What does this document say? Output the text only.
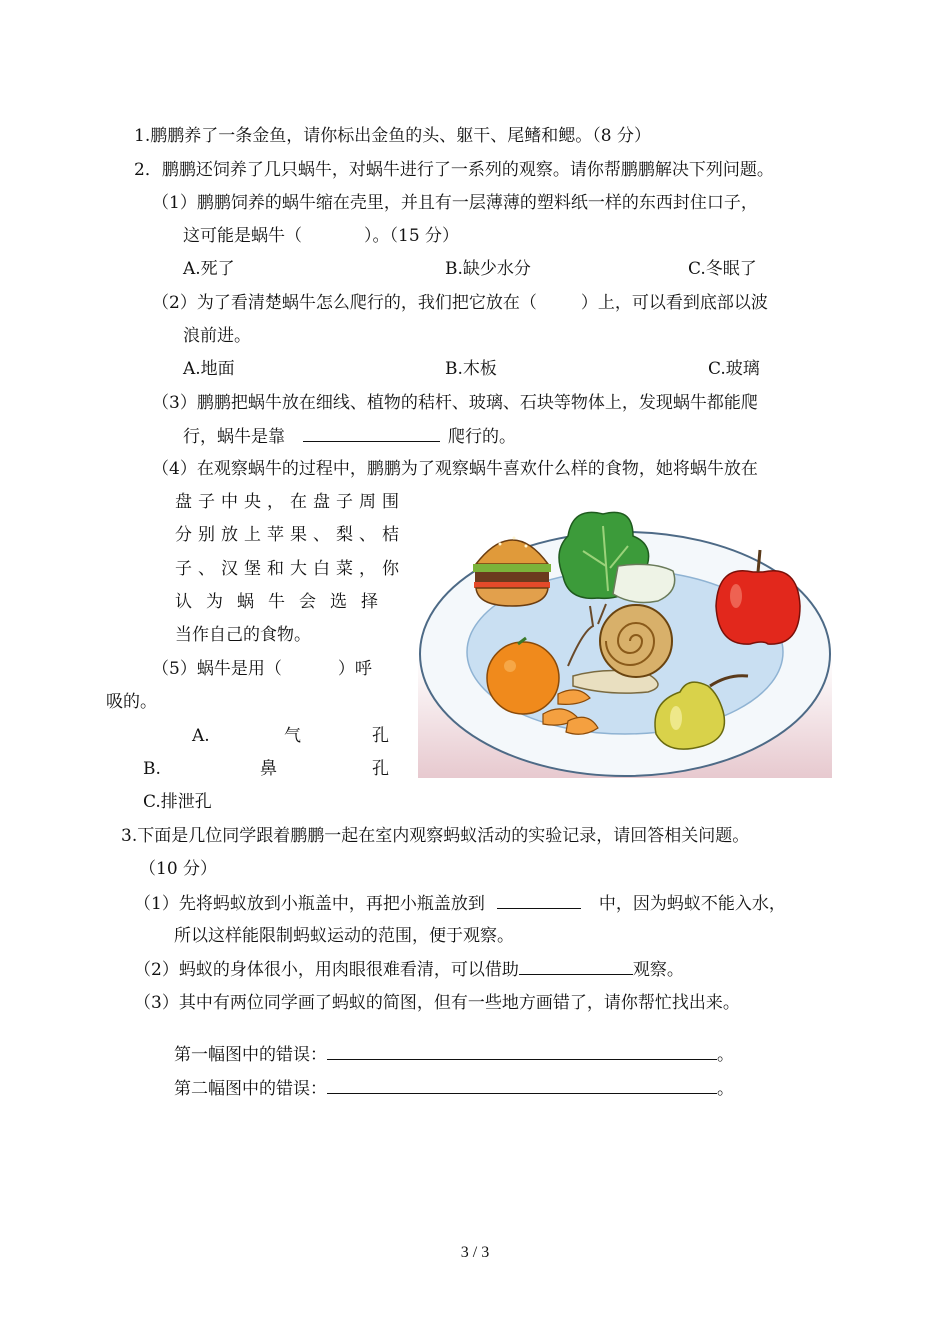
1.鹏鹏养了一条金鱼，请你标出金鱼的头、躯干、尾鳍和鳃。（8 分）
2．鹏鹏还饲养了几只蜗牛，对蜗牛进行了一系列的观察。请你帮鹏鹏解决下列问题。
（1）鹏鹏饲养的蜗牛缩在壳里，并且有一层薄薄的塑料纸一样的东西封住口子，
这可能是蜗牛（	）。（15 分）
A.死了	B.缺少水分	C.冬眠了
（2）为了看清楚蜗牛怎么爬行的，我们把它放在（	）上，可以看到底部以波
浪前进。
A.地面	B.木板	C.玻璃
（3）鹏鹏把蜗牛放在细线、植物的秸杆、玻璃、石块等物体上，发现蜗牛都能爬
行，蜗牛是靠	爬行的。
（4）在观察蜗牛的过程中，鹏鹏为了观察蜗牛喜欢什么样的食物，她将蜗牛放在
盘子中央，在盘子周围
分别放上苹果、梨、桔
子、汉堡和大白菜，你
认为蜗牛会选择
当作自己的食物。
（5）蜗牛是用（	）呼
吸的。
A.	气	孔
B.	鼻	孔
C.排泄孔
3.下面是几位同学跟着鹏鹏一起在室内观察蚂蚁活动的实验记录，请回答相关问题。
（10 分）
（1）先将蚂蚁放到小瓶盖中，再把小瓶盖放到	中，因为蚂蚁不能入水，
所以这样能限制蚂蚁运动的范围，便于观察。
（2）蚂蚁的身体很小，用肉眼很难看清，可以借助	观察。
（3）其中有两位同学画了蚂蚁的简图，但有一些地方画错了，请你帮忙找出来。
第一幅图中的错误：	。
第二幅图中的错误：	。
3 / 3
